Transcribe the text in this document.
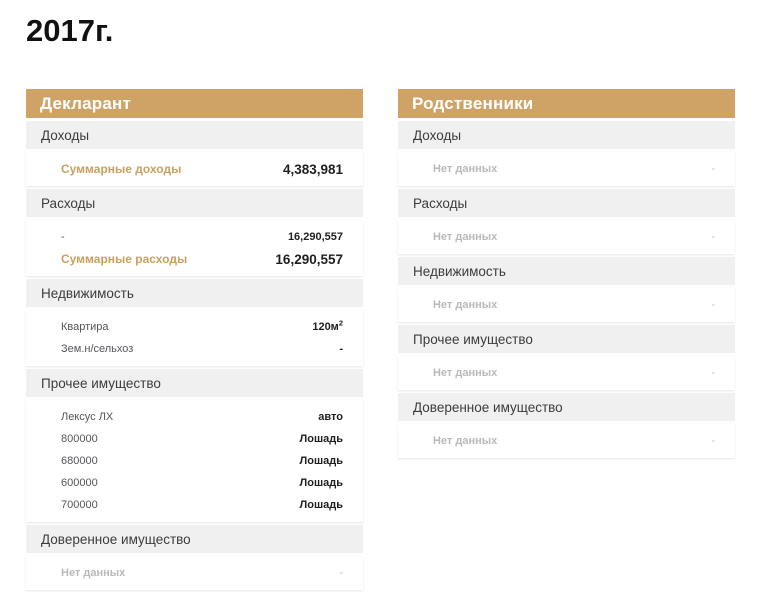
2017г.
Декларант
Доходы
Суммарные доходы	4,383,981
Расходы
-	16,290,557
Суммарные расходы	16,290,557
Недвижимость
Квартира	$120м^2$
Зем.н/сельхоз	-
Прочее имущество
Лексус ЛХ	авто
800000	Лошадь
680000	Лошадь
600000	Лошадь
700000	Лошадь
Доверенное имущество
Нет данных	-
Родственники
Доходы
Нет данных	-
Расходы
Нет данных	-
Недвижимость
Нет данных	-
Прочее имущество
Нет данных	-
Доверенное имущество
Нет данных	-
